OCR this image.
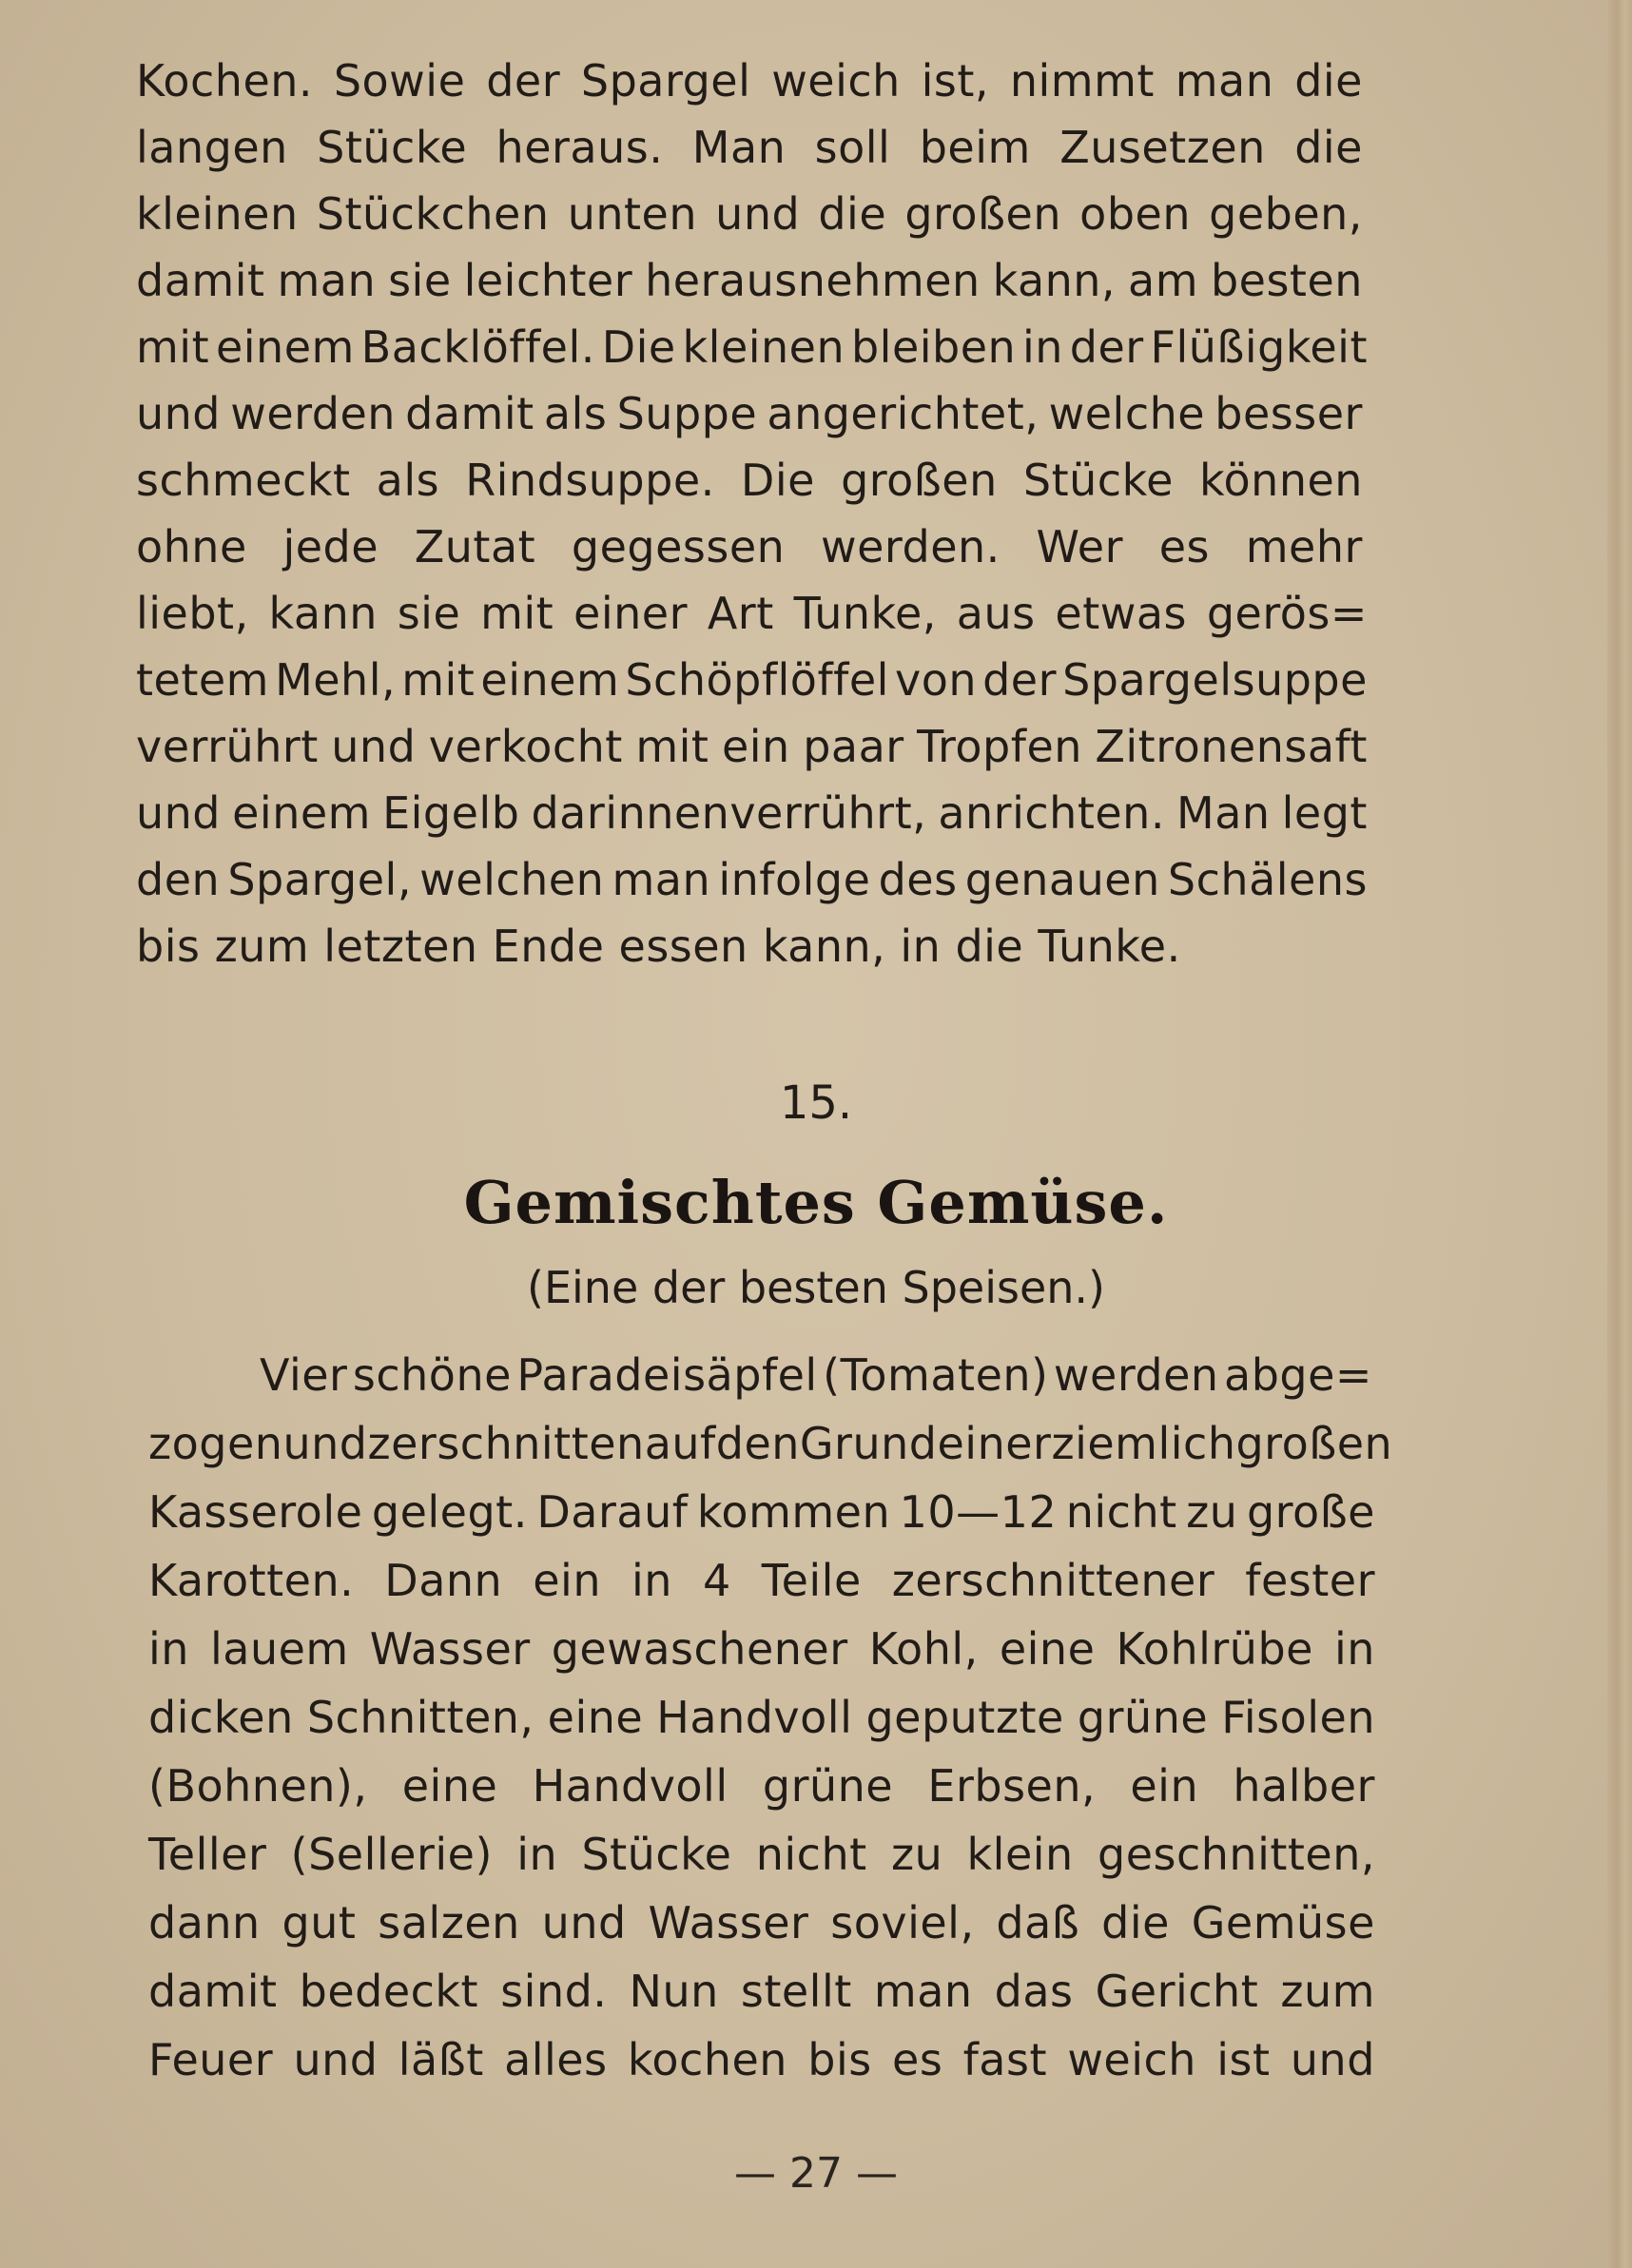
Kochen. Sowie der Spargel weich ist, nimmt man die
langen Stücke heraus. Man soll beim Zusetzen die
kleinen Stückchen unten und die großen oben geben,
damit man sie leichter herausnehmen kann, am besten
mit einem Backlöffel. Die kleinen bleiben in der Flüßigkeit
und werden damit als Suppe angerichtet, welche besser
schmeckt als Rindsuppe. Die großen Stücke können
ohne jede Zutat gegessen werden. Wer es mehr
liebt, kann sie mit einer Art Tunke, aus etwas gerös=
tetem Mehl, mit einem Schöpflöffel von der Spargelsuppe
verrührt und verkocht mit ein paar Tropfen Zitronensaft
und einem Eigelb darinnenverrührt, anrichten. Man legt
den Spargel, welchen man infolge des genauen Schälens
bis zum letzten Ende essen kann, in die Tunke.
15.
Gemischtes Gemüse.
(Eine der besten Speisen.)
Vier schöne Paradeisäpfel (Tomaten) werden abge=
zogen und zerschnitten auf den Grund einer ziemlich großen
Kasserole gelegt. Darauf kommen 10—12 nicht zu große
Karotten. Dann ein in 4 Teile zerschnittener fester
in lauem Wasser gewaschener Kohl, eine Kohlrübe in
dicken Schnitten, eine Handvoll geputzte grüne Fisolen
(Bohnen), eine Handvoll grüne Erbsen, ein halber
Teller (Sellerie) in Stücke nicht zu klein geschnitten,
dann gut salzen und Wasser soviel, daß die Gemüse
damit bedeckt sind. Nun stellt man das Gericht zum
Feuer und läßt alles kochen bis es fast weich ist und
— 27 —
